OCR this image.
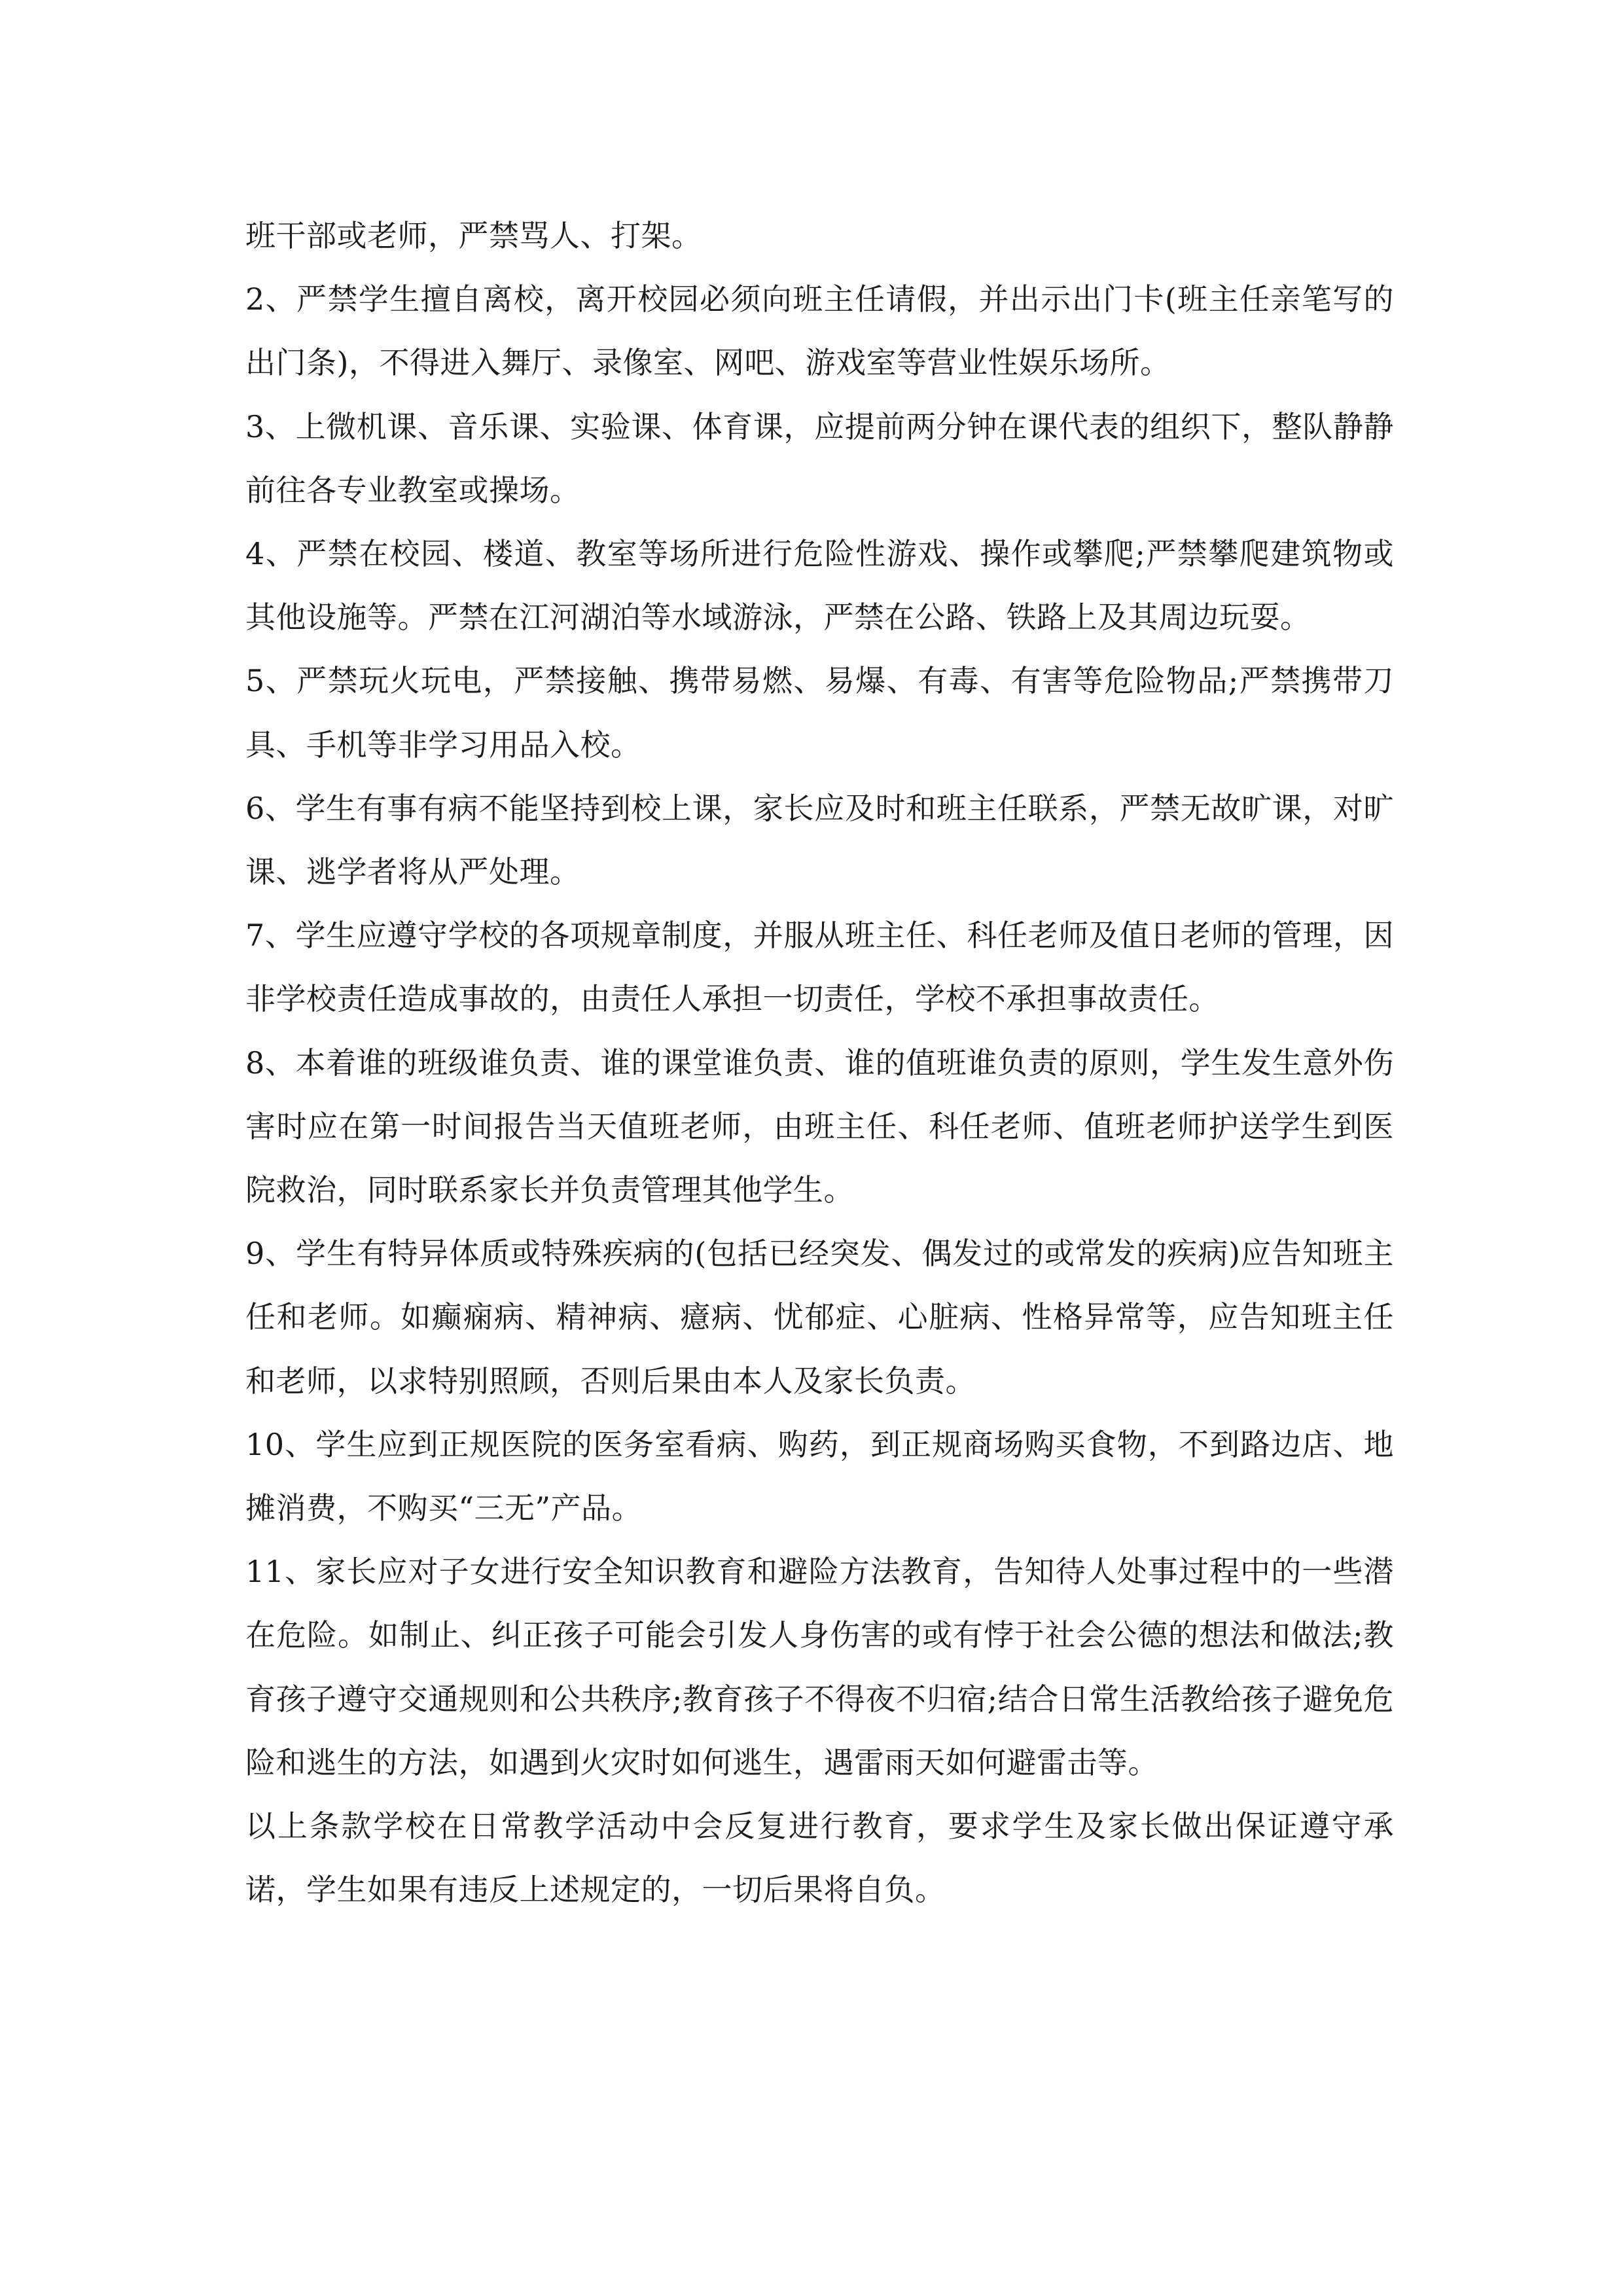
班干部或老师，严禁骂人、打架。

2、严禁学生擅自离校，离开校园必须向班主任请假，并出示出门卡(班主任亲笔写的出门条)，不得进入舞厅、录像室、网吧、游戏室等营业性娱乐场所。

3、上微机课、音乐课、实验课、体育课，应提前两分钟在课代表的组织下，整队静静前往各专业教室或操场。

4、严禁在校园、楼道、教室等场所进行危险性游戏、操作或攀爬;严禁攀爬建筑物或其他设施等。严禁在江河湖泊等水域游泳，严禁在公路、铁路上及其周边玩耍。

5、严禁玩火玩电，严禁接触、携带易燃、易爆、有毒、有害等危险物品;严禁携带刀具、手机等非学习用品入校。

6、学生有事有病不能坚持到校上课，家长应及时和班主任联系，严禁无故旷课，对旷课、逃学者将从严处理。

7、学生应遵守学校的各项规章制度，并服从班主任、科任老师及值日老师的管理，因非学校责任造成事故的，由责任人承担一切责任，学校不承担事故责任。

8、本着谁的班级谁负责、谁的课堂谁负责、谁的值班谁负责的原则，学生发生意外伤害时应在第一时间报告当天值班老师，由班主任、科任老师、值班老师护送学生到医院救治，同时联系家长并负责管理其他学生。

9、学生有特异体质或特殊疾病的(包括已经突发、偶发过的或常发的疾病)应告知班主任和老师。如癫痫病、精神病、癔病、忧郁症、心脏病、性格异常等，应告知班主任和老师，以求特别照顾，否则后果由本人及家长负责。

10、学生应到正规医院的医务室看病、购药，到正规商场购买食物，不到路边店、地摊消费，不购买“三无”产品。

11、家长应对子女进行安全知识教育和避险方法教育，告知待人处事过程中的一些潜在危险。如制止、纠正孩子可能会引发人身伤害的或有悖于社会公德的想法和做法;教育孩子遵守交通规则和公共秩序;教育孩子不得夜不归宿;结合日常生活教给孩子避免危险和逃生的方法，如遇到火灾时如何逃生，遇雷雨天如何避雷击等。

以上条款学校在日常教学活动中会反复进行教育，要求学生及家长做出保证遵守承诺，学生如果有违反上述规定的，一切后果将自负。
